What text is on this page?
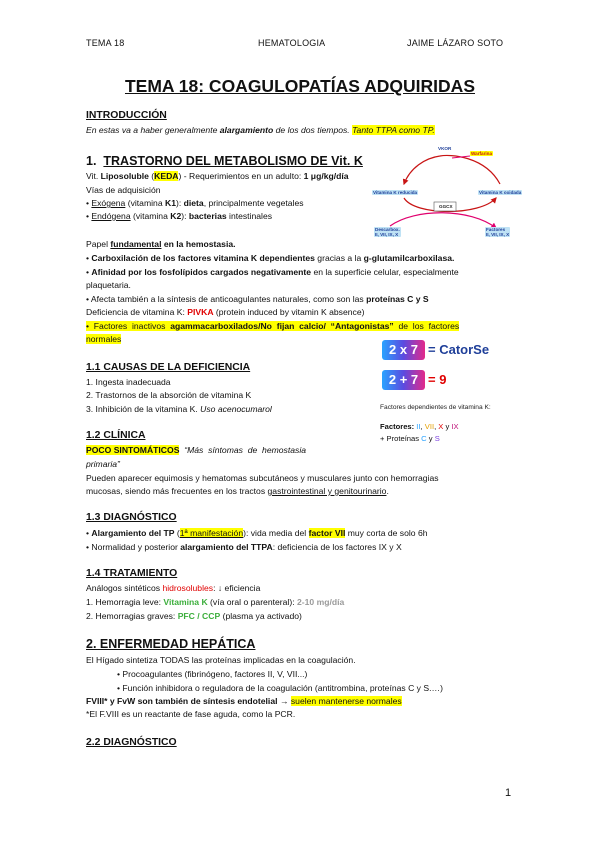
TEMA 18	HEMATOLOGIA	JAIME LÁZARO SOTO
TEMA 18: COAGULOPATÍAS ADQUIRIDAS
INTRODUCCIÓN
En estas va a haber generalmente alargamiento de los dos tiempos. Tanto TTPA como TP.
1. TRASTORNO DEL METABOLISMO DE Vit. K
Vit. Liposoluble (KEDA) - Requerimientos en un adulto: 1 μg/kg/día
Vías de adquisición
• Exógena (vitamina K1): dieta, principalmente vegetales
• Endógena (vitamina K2): bacterias intestinales
Papel fundamental en la hemostasia.
• Carboxilación de los factores vitamina K dependientes gracias a la g-glutamilcarboxilasa.
• Afinidad por los fosfolípidos cargados negativamente en la superficie celular, especialmente
plaquetaria.
• Afecta también a la síntesis de anticoagulantes naturales, como son las proteínas C y S
Deficiencia de vitamina K: PIVKA (protein induced by vitamin K absence)
•  Factores  inactivos  agammacarboxilados/No  fijan  calcio/  “Antagonistas”  de  los  factores
normales
VKOR
Warfarina
Vitamina K reducida	Vitamina K oxidada
GGCX
Descarbox.
II, VII, IX, X
Factores
II, VII, IX, X
2 x 7 = CatorSe
2 + 7 = 9
Factores dependientes de vitamina K:
Factores: II, VII, X y IX
+ Proteínas C y S
1.1 CAUSAS DE LA DEFICIENCIA
1. Ingesta inadecuada
2. Trastornos de la absorción de vitamina K
3. Inhibición de la vitamina K. Uso acenocumarol
1.2 CLÍNICA
POCO SINTOMÁTICOS  “Más  síntomas  de  hemostasia
primaria”
Pueden aparecer equimosis y hematomas subcutáneos y musculares junto con hemorragias
mucosas, siendo más frecuentes en los tractos gastrointestinal y genitourinario.
1.3 DIAGNÓSTICO
• Alargamiento del TP (1ª manifestación): vida media del factor VII muy corta de solo 6h
• Normalidad y posterior alargamiento del TTPA: deficiencia de los factores IX y X
1.4 TRATAMIENTO
Análogos sintéticos hidrosolubles: ↓ eficiencia
1. Hemorragia leve: Vitamina K (vía oral o parenteral): 2-10 mg/día
2. Hemorragias graves: PFC / CCP (plasma ya activado)
2. ENFERMEDAD HEPÁTICA
El Hígado sintetiza TODAS las proteínas implicadas en la coagulación.
• Procoagulantes (fibrinógeno, factores II, V, VII...)
• Función inhibidora o reguladora de la coagulación (antitrombina, proteínas C y S.…)
FVIII* y FvW son también de síntesis endotelial → suelen mantenerse normales
*El F.VIII es un reactante de fase aguda, como la PCR.
2.2 DIAGNÓSTICO
1
